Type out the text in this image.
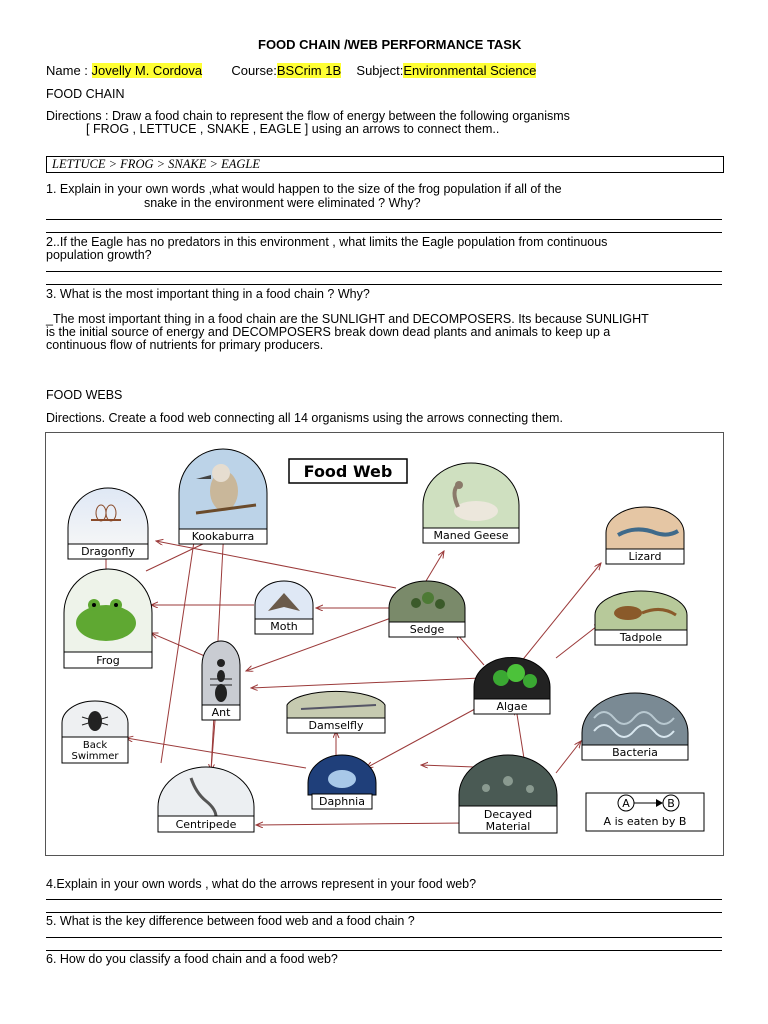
FOOD CHAIN /WEB PERFORMANCE TASK
Name : Jovelly M. Cordova Course:BSCrim 1B Subject:Environmental Science
FOOD CHAIN
Directions : Draw a food chain to represent the flow of energy between the following organisms
[ FROG , LETTUCE , SNAKE , EAGLE ] using an arrows to connect them..
LETTUCE > FROG > SNAKE > EAGLE
1. Explain in your own words ,what would happen to the size of the frog population if all of the
snake in the environment were eliminated ? Why?
2..If the Eagle has no predators in this environment , what limits the Eagle population from continuous
population growth?
3. What is the most important thing in a food chain ? Why?
_The most important thing in a food chain are the SUNLIGHT and DECOMPOSERS. Its because SUNLIGHT
is the initial source of energy and DECOMPOSERS break down dead plants and animals to keep up a
continuous flow of nutrients for primary producers.
FOOD WEBS
Directions. Create a food web connecting all 14 organisms using the arrows connecting them.
Food Web
Dragonfly
Kookaburra	Maned Geese
Lizard
Moth	Sedge
Frog
Tadpole
Ant	Algae
Damselfly
Back
Swimmer	Bacteria
Daphnia
Centripede
Decayed
Material
A	B
A is eaten by B
4.Explain in your own words , what do the arrows represent in your food web?
5. What is the key difference between food web and a food chain ?
6. How do you classify a food chain and a food web?
